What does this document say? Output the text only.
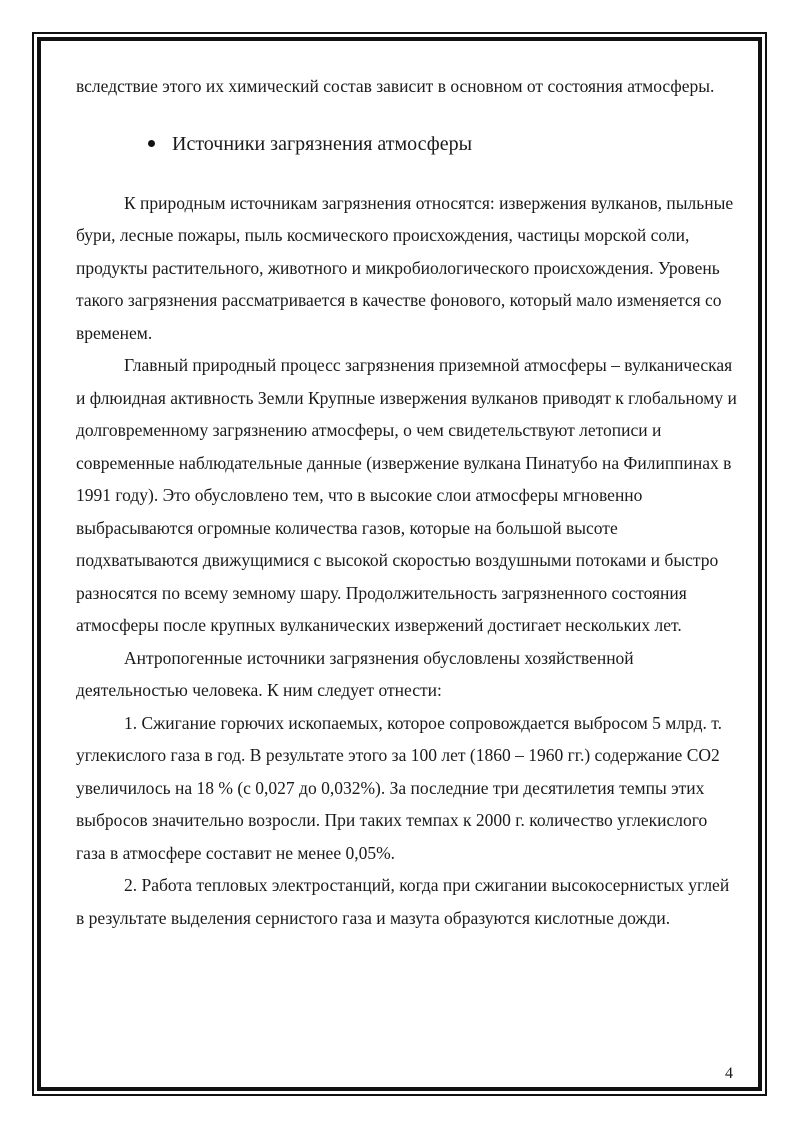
вследствие этого их химический состав зависит в основном от состояния атмосферы.

Источники загрязнения атмосферы

К природным источникам загрязнения относятся: извержения вулканов, пыльные бури, лесные пожары, пыль космического происхождения, частицы морской соли, продукты растительного, животного и микробиологического происхождения. Уровень такого загрязнения рассматривается в качестве фонового, который мало изменяется со временем.

Главный природный процесс загрязнения приземной атмосферы – вулканическая и флюидная активность Земли Крупные извержения вулканов приводят к глобальному и долговременному загрязнению атмосферы, о чем свидетельствуют летописи и современные наблюдательные данные (извержение вулкана Пинатубо на Филиппинах в 1991 году). Это обусловлено тем, что в высокие слои атмосферы мгновенно выбрасываются огромные количества газов, которые на большой высоте подхватываются движущимися с высокой скоростью воздушными потоками и быстро разносятся по всему земному шару. Продолжительность загрязненного состояния атмосферы после крупных вулканических извержений достигает нескольких лет.

Антропогенные источники загрязнения обусловлены хозяйственной деятельностью человека. К ним следует отнести:

1. Сжигание горючих ископаемых, которое сопровождается выбросом 5 млрд. т. углекислого газа в год. В результате этого за 100 лет (1860 – 1960 гг.) содержание СО2 увеличилось на 18 % (с 0,027 до 0,032%). За последние три десятилетия темпы этих выбросов значительно возросли. При таких темпах к 2000 г. количество углекислого газа в атмосфере составит не менее 0,05%.

2. Работа тепловых электростанций, когда при сжигании высокосернистых углей в результате выделения сернистого газа и мазута образуются кислотные дожди.

4
